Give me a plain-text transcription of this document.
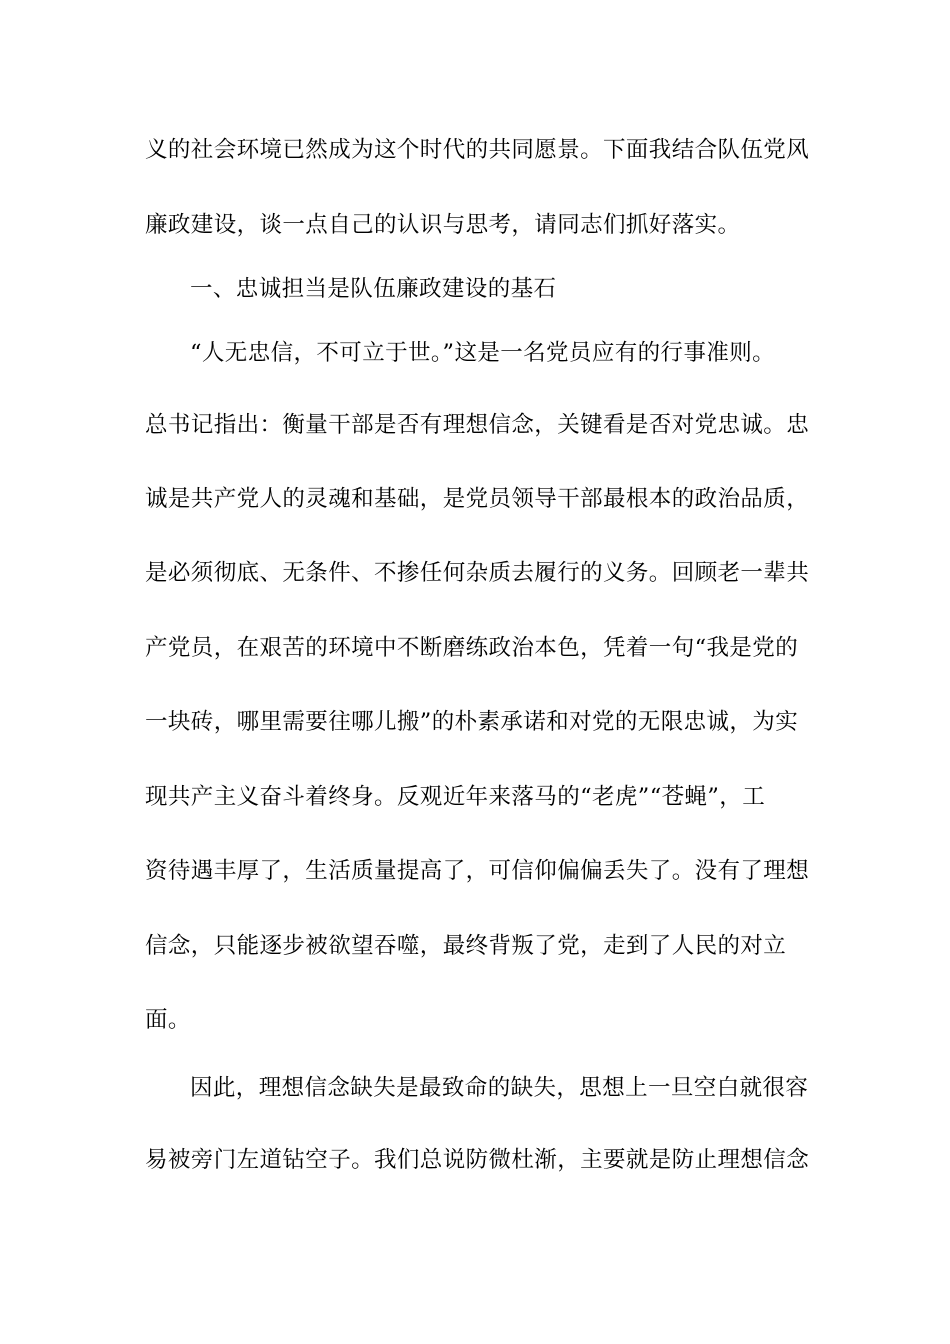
义的社会环境已然成为这个时代的共同愿景。下面我结合队伍党风
廉政建设，谈一点自己的认识与思考，请同志们抓好落实。
一、忠诚担当是队伍廉政建设的基石
“人无忠信，不可立于世。”这是一名党员应有的行事准则。
总书记指出：衡量干部是否有理想信念，关键看是否对党忠诚。忠
诚是共产党人的灵魂和基础，是党员领导干部最根本的政治品质，
是必须彻底、无条件、不掺任何杂质去履行的义务。回顾老一辈共
产党员，在艰苦的环境中不断磨练政治本色，凭着一句“我是党的
一块砖，哪里需要往哪儿搬”的朴素承诺和对党的无限忠诚，为实
现共产主义奋斗着终身。反观近年来落马的“老虎”“苍蝇”，工
资待遇丰厚了，生活质量提高了，可信仰偏偏丢失了。没有了理想
信念，只能逐步被欲望吞噬，最终背叛了党，走到了人民的对立
面。
因此，理想信念缺失是最致命的缺失，思想上一旦空白就很容
易被旁门左道钻空子。我们总说防微杜渐，主要就是防止理想信念
